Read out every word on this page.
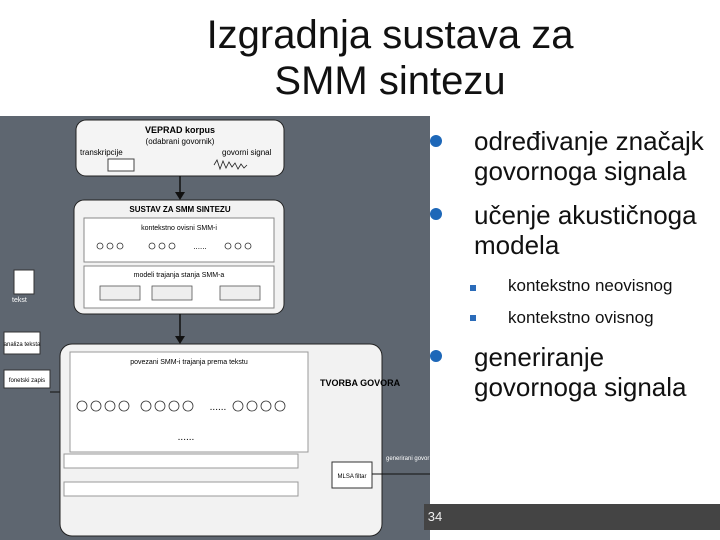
Izgradnja sustava za
SMM sintezu
VEPRAD korpus
(odabrani govornik)
transkripcije	govorni signal
SUSTAV ZA SMM SINTEZU
kontekstno ovisni SMM-i
......
modeli trajanja stanja SMM-a
tekst
analiza teksta
fonetski zapis
povezani SMM-i trajanja prema tekstu
......
......
TVORBA GOVORA
MLSA filtar
generirani govor
određivanje značajk
govornoga signala
učenje akustičnoga
modela
kontekstno neovisnog
kontekstno ovisnog
generiranje
govornoga signala
34
